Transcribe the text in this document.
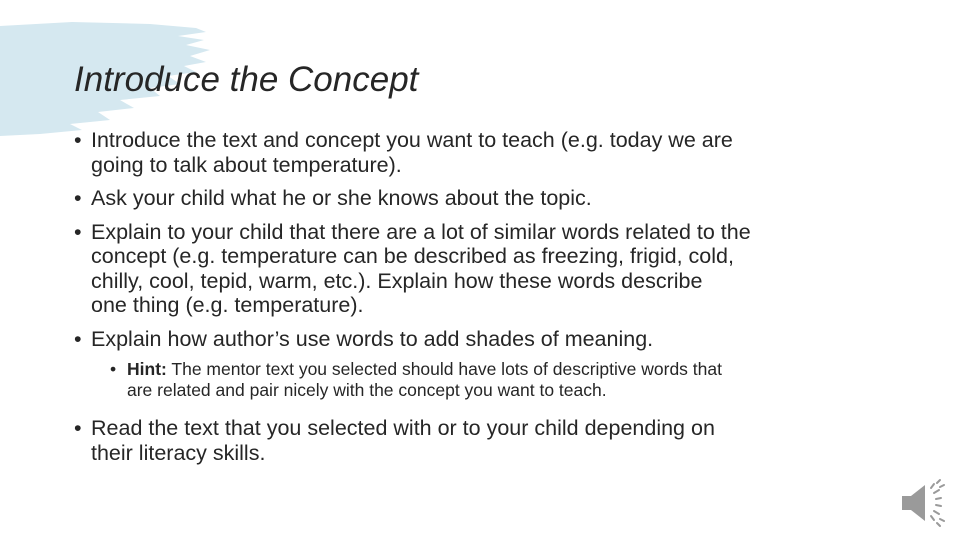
Introduce the Concept
• Introduce the text and concept you want to teach (e.g. today we are
going to talk about temperature).
• Ask your child what he or she knows about the topic.
• Explain to your child that there are a lot of similar words related to the
concept (e.g. temperature can be described as freezing, frigid, cold,
chilly, cool, tepid, warm, etc.). Explain how these words describe
one thing (e.g. temperature).
• Explain how author’s use words to add shades of meaning.
• Hint: The mentor text you selected should have lots of descriptive words that
are related and pair nicely with the concept you want to teach.
• Read the text that you selected with or to your child depending on
their literacy skills.
